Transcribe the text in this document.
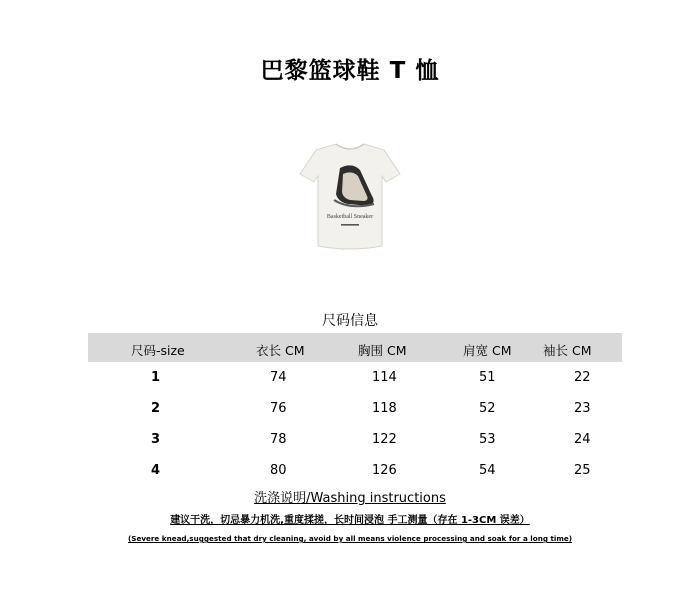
巴黎篮球鞋 T 恤
Basketball Sneaker
尺码信息
尺码-size	衣长 CM	胸围 CM	肩宽 CM	袖长 CM
1	74	114	51	22
2	76	118	52	23
3	78	122	53	24
4	80	126	54	25
洗涤说明/Washing instructions
建议干洗，切忌暴力机洗,重度揉搓，长时间浸泡 手工测量（存在 1-3CM 误差）
(Severe knead,suggested that dry cleaning, avoid by all means violence processing and soak for a long time)
